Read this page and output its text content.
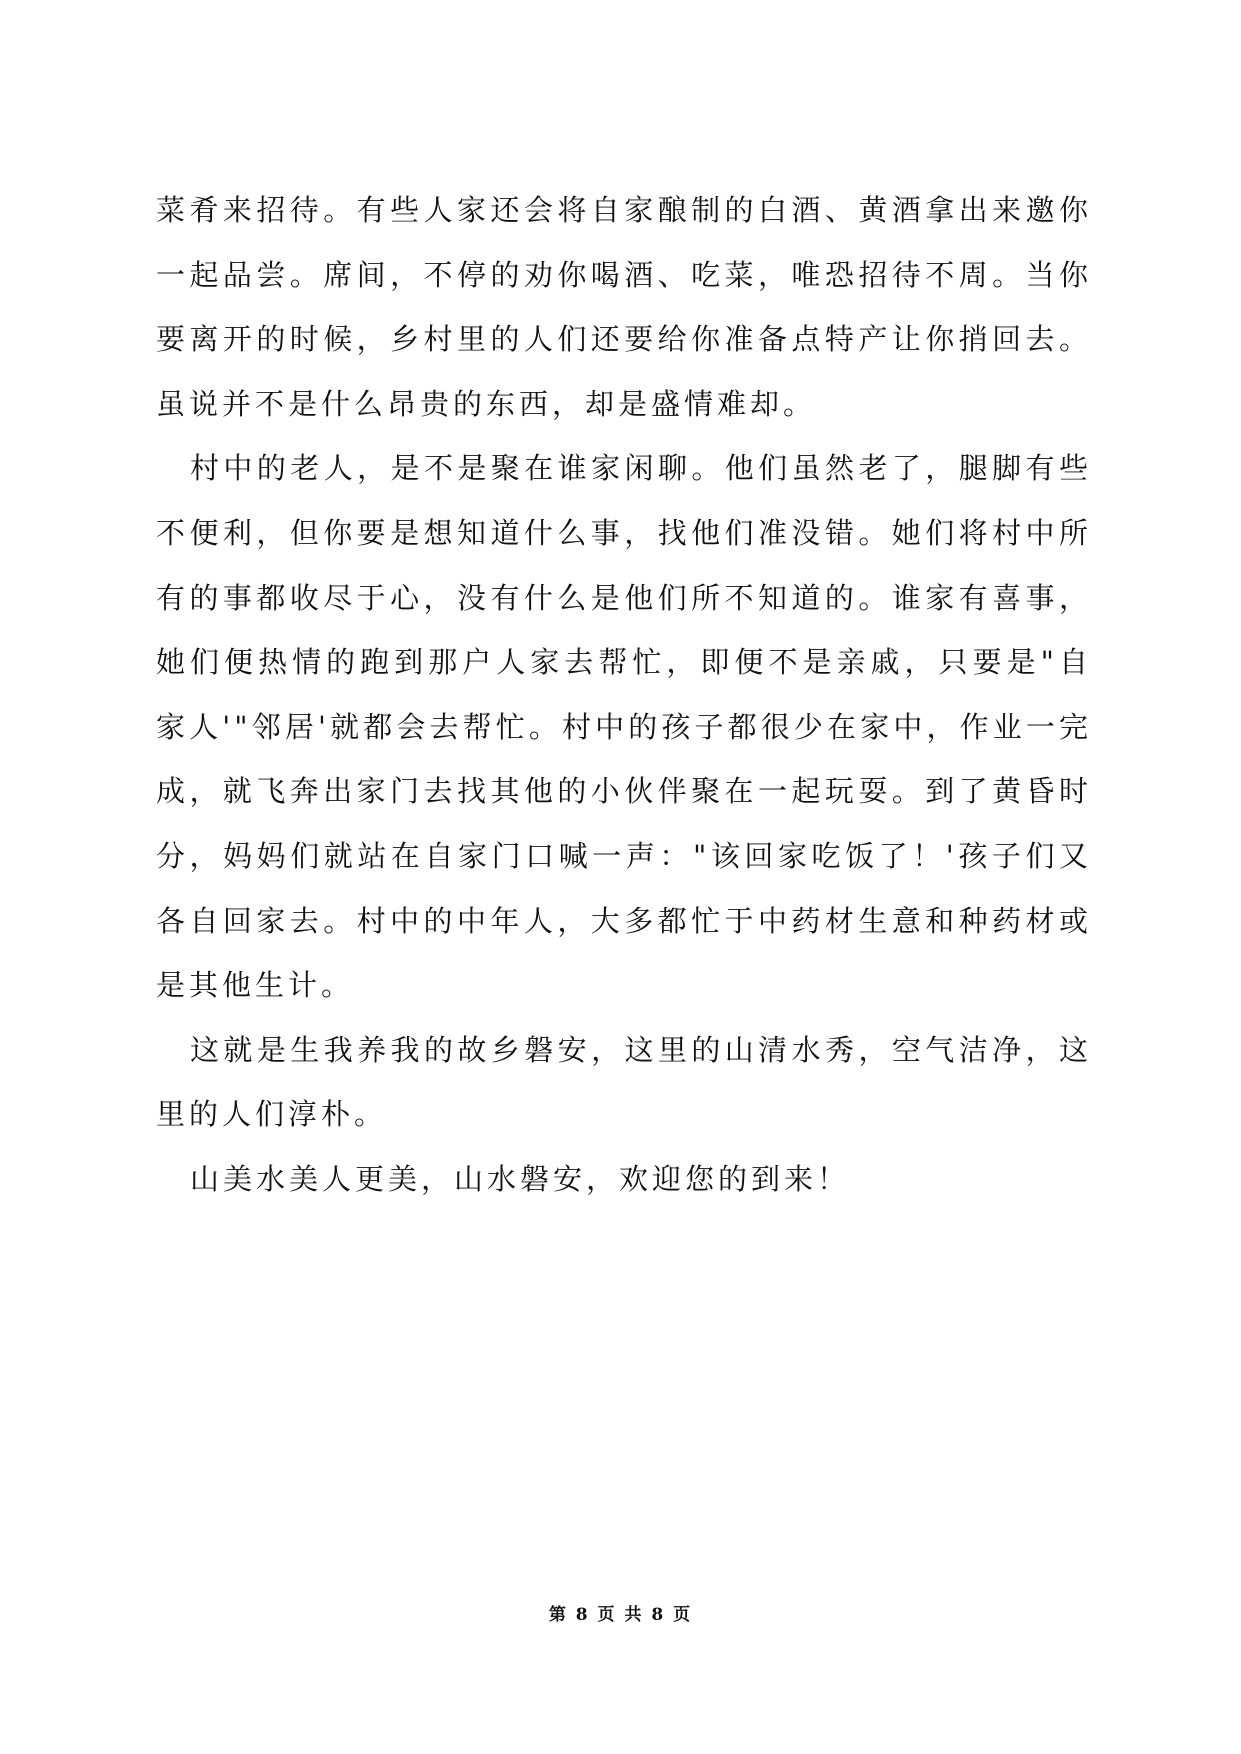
菜肴来招待。有些人家还会将自家酿制的白酒、黄酒拿出来邀你一起品尝。席间，不停的劝你喝酒、吃菜，唯恐招待不周。当你要离开的时候，乡村里的人们还要给你准备点特产让你捎回去。虽说并不是什么昂贵的东西，却是盛情难却。

村中的老人，是不是聚在谁家闲聊。他们虽然老了，腿脚有些不便利，但你要是想知道什么事，找他们准没错。她们将村中所有的事都收尽于心，没有什么是他们所不知道的。谁家有喜事，她们便热情的跑到那户人家去帮忙，即便不是亲戚，只要是"自家人'"邻居'就都会去帮忙。村中的孩子都很少在家中，作业一完成，就飞奔出家门去找其他的小伙伴聚在一起玩耍。到了黄昏时分，妈妈们就站在自家门口喊一声："该回家吃饭了！'孩子们又各自回家去。村中的中年人，大多都忙于中药材生意和种药材或是其他生计。

这就是生我养我的故乡磐安，这里的山清水秀，空气洁净，这里的人们淳朴。

山美水美人更美，山水磐安，欢迎您的到来！

第 8 页 共 8 页
